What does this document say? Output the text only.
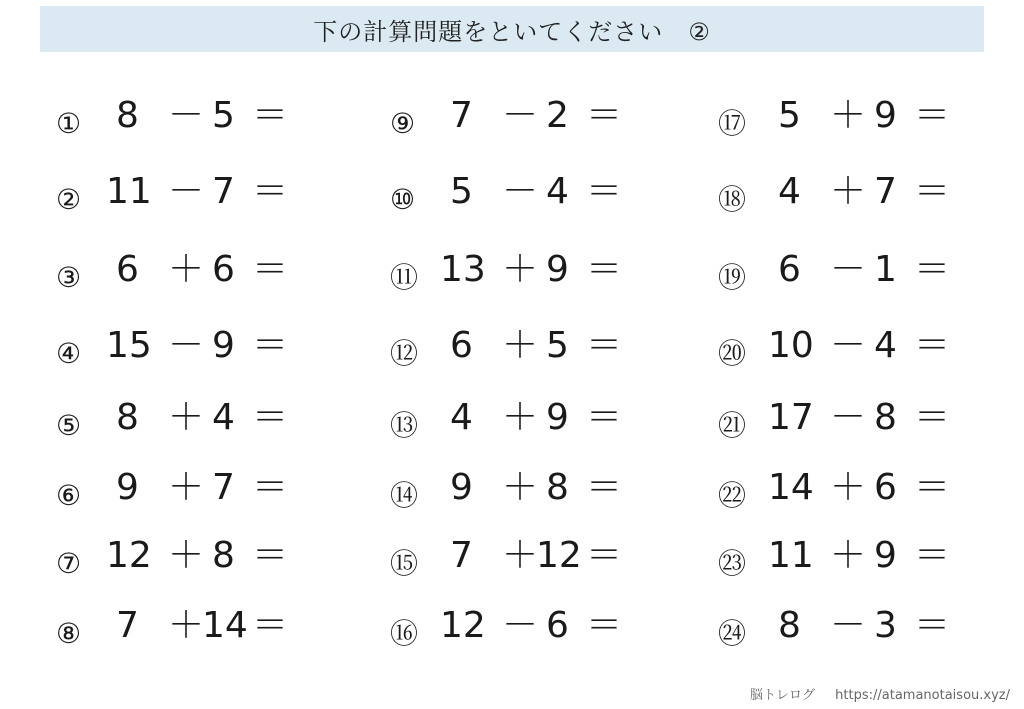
下の計算問題をといてください　②
① 8 － 5 ＝
② 11 － 7 ＝
③ 6 ＋ 6 ＝
④ 15 － 9 ＝
⑤ 8 ＋ 4 ＝
⑥ 9 ＋ 7 ＝
⑦ 12 ＋ 8 ＝
⑧ 7 ＋
14 ＝
⑨ 7 － 2 ＝
⑩ 5 － 4 ＝
⑪ 13 ＋ 9 ＝
⑫ 6 ＋ 5 ＝
⑬ 4 ＋ 9 ＝
⑭ 9 ＋ 8 ＝
⑮ 7 ＋
12 ＝
⑯ 12 － 6 ＝
⑰ 5 ＋ 9 ＝
⑱ 4 ＋ 7 ＝
⑲ 6 － 1 ＝
⑳ 10 － 4 ＝
㉑ 17 － 8 ＝
㉒ 14 ＋ 6 ＝
㉓ 11 ＋ 9 ＝
㉔ 8 － 3 ＝
脳トレログ https://atamanotaisou.xyz/
